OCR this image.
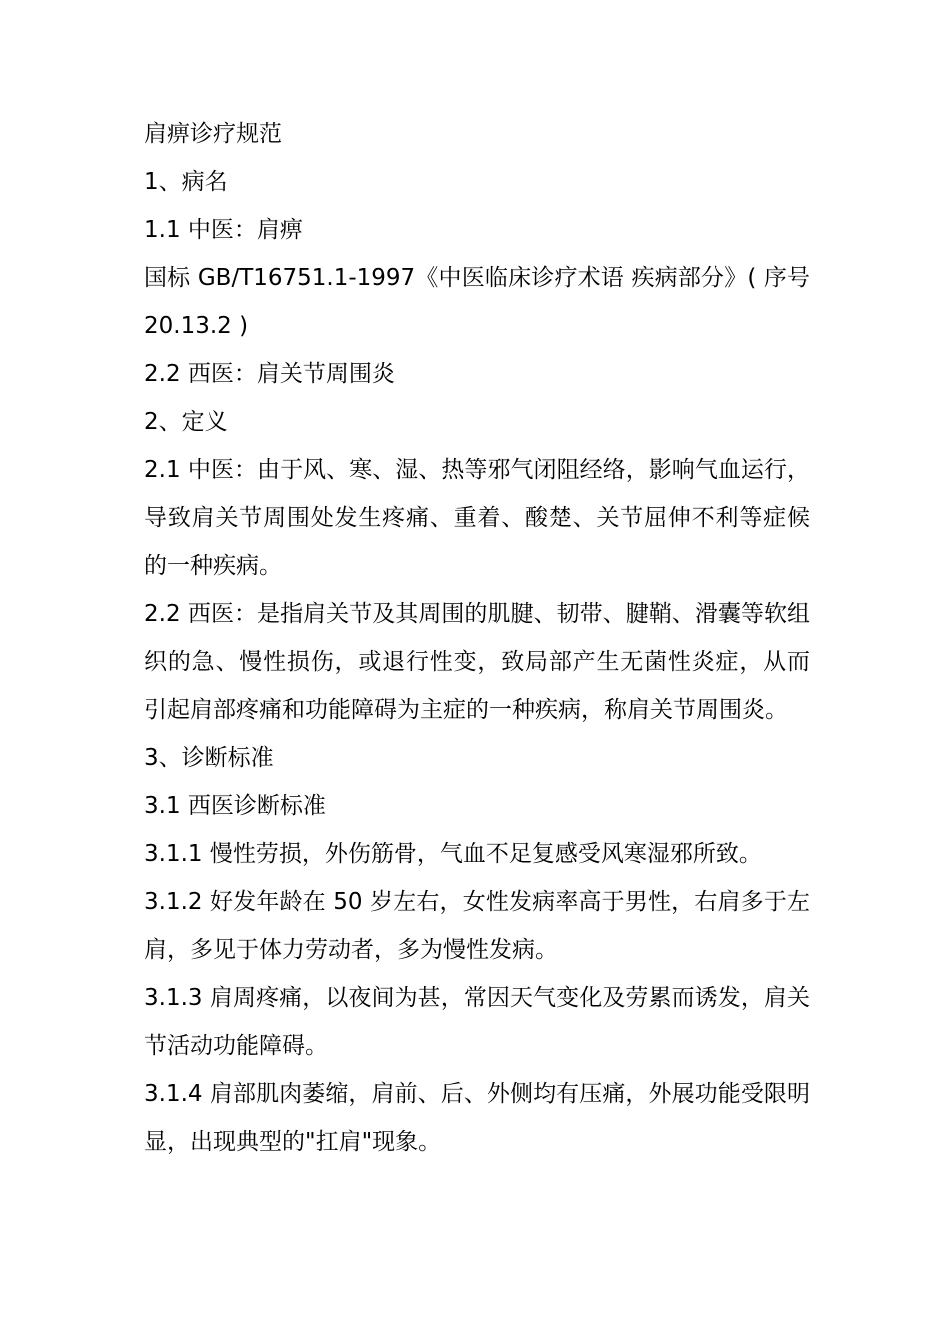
肩痹诊疗规范

1、病名

1.1 中医：肩痹

国标 GB/T16751.1-1997《中医临床诊疗术语 疾病部分》( 序号 20.13.2 )

2.2 西医：肩关节周围炎

2、定义

2.1 中医：由于风、寒、湿、热等邪气闭阻经络，影响气血运行，导致肩关节周围处发生疼痛、重着、酸楚、关节屈伸不利等症候的一种疾病。

2.2 西医：是指肩关节及其周围的肌腱、韧带、腱鞘、滑囊等软组织的急、慢性损伤，或退行性变，致局部产生无菌性炎症，从而引起肩部疼痛和功能障碍为主症的一种疾病，称肩关节周围炎。

3、诊断标准

3.1 西医诊断标准

3.1.1 慢性劳损，外伤筋骨，气血不足复感受风寒湿邪所致。

3.1.2 好发年龄在 50 岁左右，女性发病率高于男性，右肩多于左肩，多见于体力劳动者，多为慢性发病。

3.1.3 肩周疼痛，以夜间为甚，常因天气变化及劳累而诱发，肩关节活动功能障碍。

3.1.4 肩部肌肉萎缩，肩前、后、外侧均有压痛，外展功能受限明显，出现典型的"扛肩"现象。
